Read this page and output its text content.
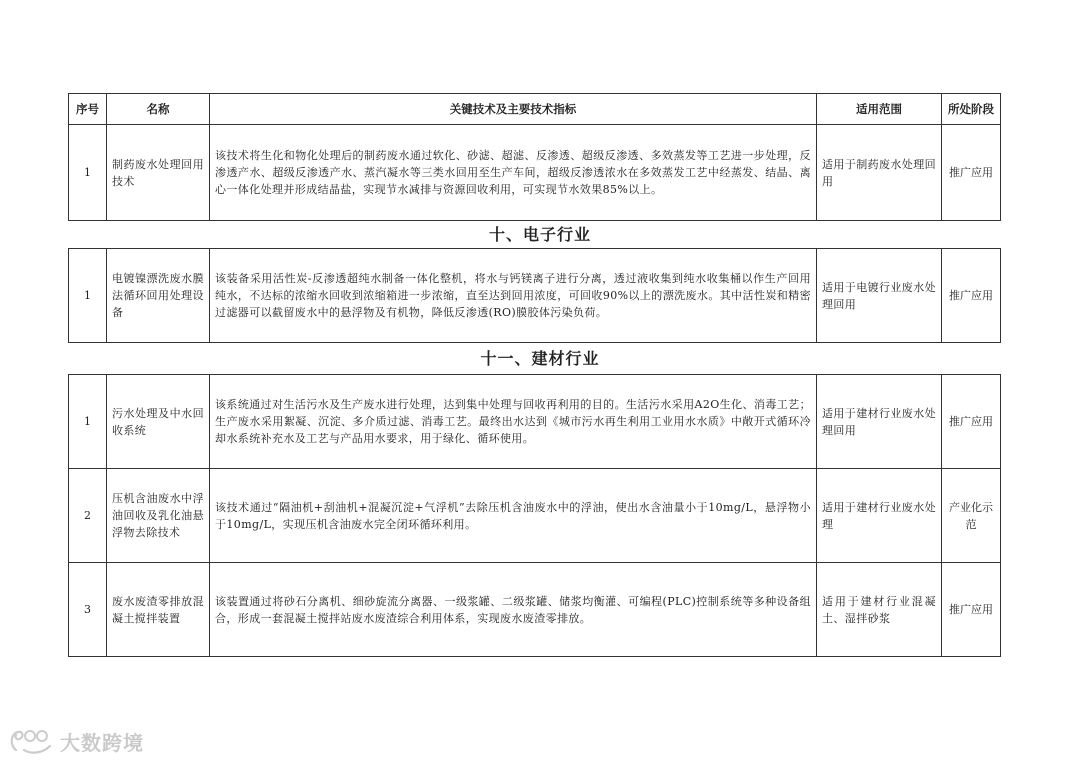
序号	名称	关键技术及主要技术指标	适用范围	所处阶段
1	制药废水处理回用技术	该技术将生化和物化处理后的制药废水通过软化、砂滤、超滤、反渗透、超级反渗透、多效蒸发等工艺进一步处理，反渗透产水、超级反渗透产水、蒸汽凝水等三类水回用至生产车间，超级反渗透浓水在多效蒸发工艺中经蒸发、结晶、离心一体化处理并形成结晶盐，实现节水减排与资源回收利用，可实现节水效果85%以上。	适用于制药废水处理回用	推广应用
十、电子行业
1	电镀镍漂洗废水膜法循环回用处理设备	该装备采用活性炭-反渗透超纯水制备一体化整机，将水与钙镁离子进行分离，透过液收集到纯水收集桶以作生产回用纯水，不达标的浓缩水回收到浓缩箱进一步浓缩，直至达到回用浓度，可回收90%以上的漂洗废水。其中活性炭和精密过滤器可以截留废水中的悬浮物及有机物，降低反渗透(RO)膜胶体污染负荷。	适用于电镀行业废水处理回用	推广应用
十一、建材行业
1	污水处理及中水回收系统	该系统通过对生活污水及生产废水进行处理，达到集中处理与回收再利用的目的。生活污水采用A2O生化、消毒工艺；生产废水采用絮凝、沉淀、多介质过滤、消毒工艺。最终出水达到《城市污水再生利用工业用水水质》中敞开式循环冷却水系统补充水及工艺与产品用水要求，用于绿化、循环使用。	适用于建材行业废水处理回用	推广应用
2	压机含油废水中浮油回收及乳化油悬浮物去除技术	该技术通过“隔油机+刮油机+混凝沉淀+气浮机”去除压机含油废水中的浮油，使出水含油量小于10mg/L，悬浮物小于10mg/L，实现压机含油废水完全闭环循环利用。	适用于建材行业废水处理	产业化示范
3	废水废渣零排放混凝土搅拌装置	该装置通过将砂石分离机、细砂旋流分离器、一级浆罐、二级浆罐、储浆均衡灌、可编程(PLC)控制系统等多种设备组合，形成一套混凝土搅拌站废水废渣综合利用体系，实现废水废渣零排放。	适用于建材行业混凝土、湿拌砂浆	推广应用
大数跨境
